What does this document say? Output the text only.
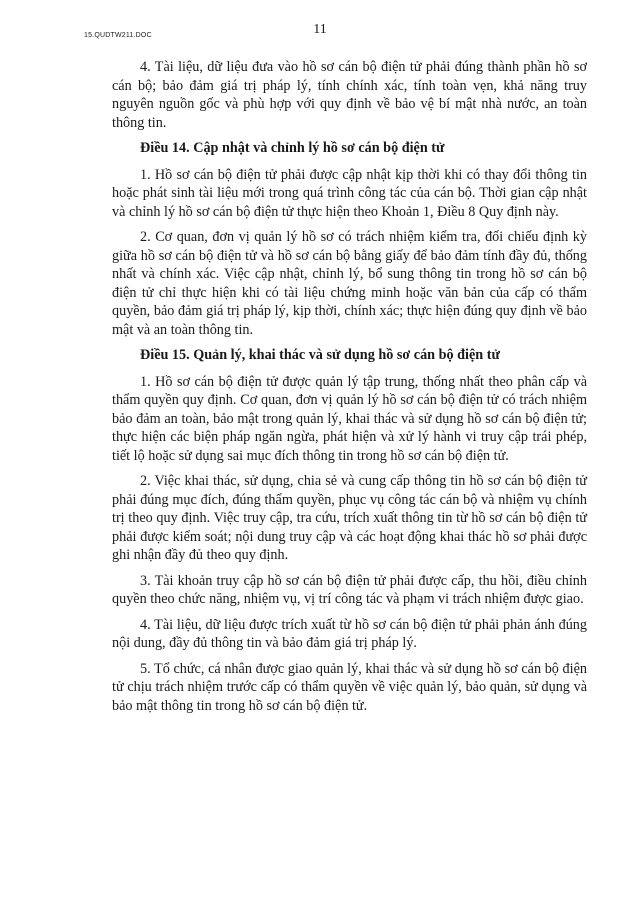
15.QUDTW211.DOC	11

4. Tài liệu, dữ liệu đưa vào hồ sơ cán bộ điện tử phải đúng thành phần hồ sơ cán bộ; bảo đảm giá trị pháp lý, tính chính xác, tính toàn vẹn, khả năng truy nguyên nguồn gốc và phù hợp với quy định về bảo vệ bí mật nhà nước, an toàn thông tin.

Điều 14. Cập nhật và chỉnh lý hồ sơ cán bộ điện tử

1. Hồ sơ cán bộ điện tử phải được cập nhật kịp thời khi có thay đổi thông tin hoặc phát sinh tài liệu mới trong quá trình công tác của cán bộ. Thời gian cập nhật và chỉnh lý hồ sơ cán bộ điện tử thực hiện theo Khoản 1, Điều 8 Quy định này.

2. Cơ quan, đơn vị quản lý hồ sơ có trách nhiệm kiểm tra, đối chiếu định kỳ giữa hồ sơ cán bộ điện tử và hồ sơ cán bộ bằng giấy để bảo đảm tính đầy đủ, thống nhất và chính xác. Việc cập nhật, chỉnh lý, bổ sung thông tin trong hồ sơ cán bộ điện tử chỉ thực hiện khi có tài liệu chứng minh hoặc văn bản của cấp có thẩm quyền, bảo đảm giá trị pháp lý, kịp thời, chính xác; thực hiện đúng quy định về bảo mật và an toàn thông tin.

Điều 15. Quản lý, khai thác và sử dụng hồ sơ cán bộ điện tử

1. Hồ sơ cán bộ điện tử được quản lý tập trung, thống nhất theo phân cấp và thẩm quyền quy định. Cơ quan, đơn vị quản lý hồ sơ cán bộ điện tử có trách nhiệm bảo đảm an toàn, bảo mật trong quản lý, khai thác và sử dụng hồ sơ cán bộ điện tử; thực hiện các biện pháp ngăn ngừa, phát hiện và xử lý hành vi truy cập trái phép, tiết lộ hoặc sử dụng sai mục đích thông tin trong hồ sơ cán bộ điện tử.

2. Việc khai thác, sử dụng, chia sẻ và cung cấp thông tin hồ sơ cán bộ điện tử phải đúng mục đích, đúng thẩm quyền, phục vụ công tác cán bộ và nhiệm vụ chính trị theo quy định. Việc truy cập, tra cứu, trích xuất thông tin từ hồ sơ cán bộ điện tử phải được kiểm soát; nội dung truy cập và các hoạt động khai thác hồ sơ phải được ghi nhận đầy đủ theo quy định.

3. Tài khoản truy cập hồ sơ cán bộ điện tử phải được cấp, thu hồi, điều chỉnh quyền theo chức năng, nhiệm vụ, vị trí công tác và phạm vi trách nhiệm được giao.

4. Tài liệu, dữ liệu được trích xuất từ hồ sơ cán bộ điện tử phải phản ánh đúng nội dung, đầy đủ thông tin và bảo đảm giá trị pháp lý.

5. Tổ chức, cá nhân được giao quản lý, khai thác và sử dụng hồ sơ cán bộ điện tử chịu trách nhiệm trước cấp có thẩm quyền về việc quản lý, bảo quản, sử dụng và bảo mật thông tin trong hồ sơ cán bộ điện tử.
